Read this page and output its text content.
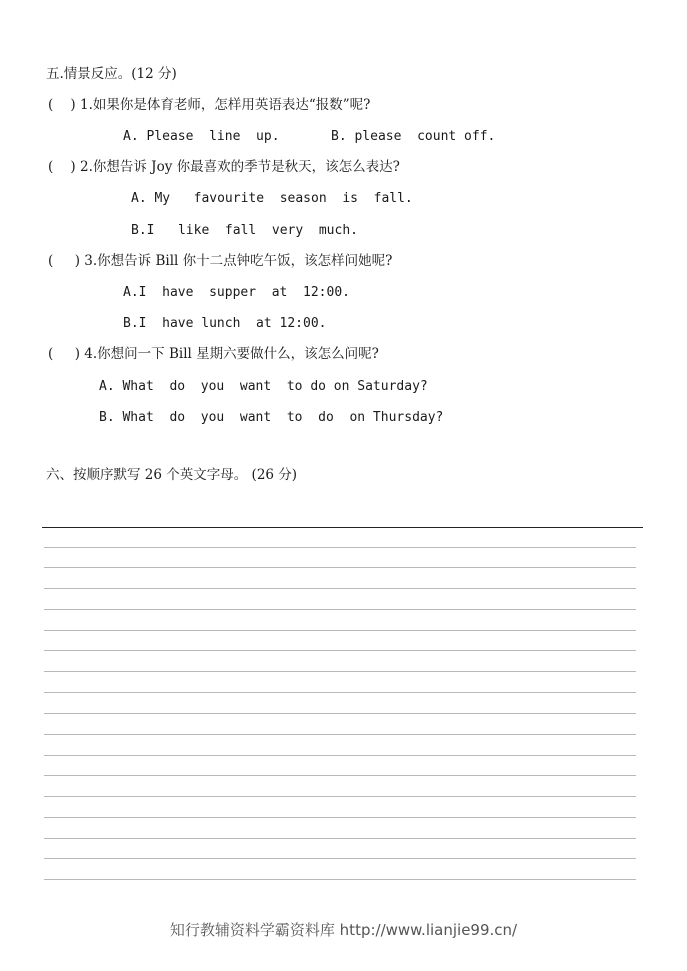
五.情景反应。(12 分)
(    ) 1.如果你是体育老师，怎样用英语表达“报数”呢?
A. Please  line  up.	B. please  count off.
(    ) 2.你想告诉 Joy 你最喜欢的季节是秋天，该怎么表达?
A. My   favourite  season  is  fall.
B.I   like  fall  very  much.
(     ) 3.你想告诉 Bill 你十二点钟吃午饭，该怎样问她呢?
A.I  have  supper  at  12:00.
B.I  have lunch  at 12:00.
(     ) 4.你想问一下 Bill 星期六要做什么，该怎么问呢?
A. What  do  you  want  to do on Saturday?
B. What  do  you  want  to  do  on Thursday?
六、按顺序默写 26 个英文字母。 (26 分)
知行教辅资料学霸资料库 http://www.lianjie99.cn/
